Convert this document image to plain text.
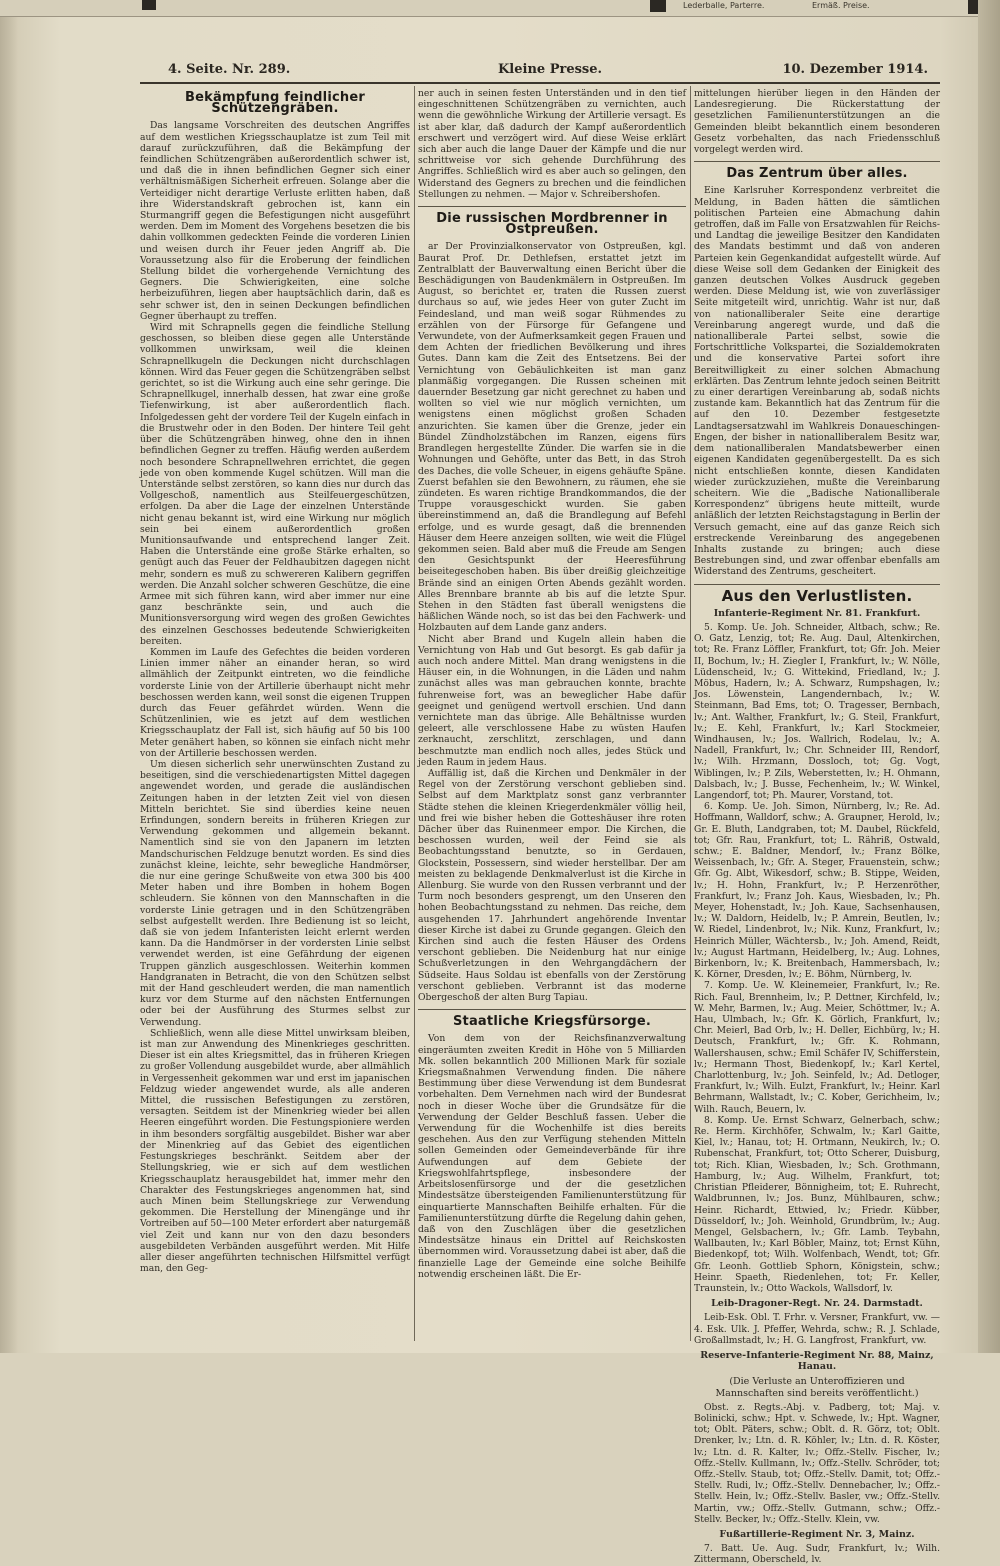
Lederballe, Parterre.	Ermäß. Preise.
4. Seite. Nr. 289.	Kleine Presse.	10. Dezember 1914.
Bekämpfung feindlicher Schützengräben.

Das langsame Vorschreiten des deutschen Angriffes auf dem westlichen Kriegsschauplatze ist zum Teil mit darauf zurückzuführen, daß die Bekämpfung der feindlichen Schützengräben außerordentlich schwer ist, und daß die in ihnen befindlichen Gegner sich einer verhältnismäßigen Sicherheit erfreuen. Solange aber die Verteidiger nicht derartige Verluste erlitten haben, daß ihre Widerstandskraft gebrochen ist, kann ein Sturmangriff gegen die Befestigungen nicht ausgeführt werden. Dem im Moment des Vorgehens besetzen die bis dahin vollkommen gedeckten Feinde die vorderen Linien und weisen durch ihr Feuer jeden Angriff ab. Die Voraussetzung also für die Eroberung der feindlichen Stellung bildet die vorhergehende Vernichtung des Gegners. Die Schwierigkeiten, eine solche herbeizuführen, liegen aber hauptsächlich darin, daß es sehr schwer ist, den in seinen Deckungen befindlichen Gegner überhaupt zu treffen.

Wird mit Schrapnells gegen die feindliche Stellung geschossen, so bleiben diese gegen alle Unterstände vollkommen unwirksam, weil die kleinen Schrapnellkugeln die Deckungen nicht durchschlagen können. Wird das Feuer gegen die Schützengräben selbst gerichtet, so ist die Wirkung auch eine sehr geringe. Die Schrapnellkugel, innerhalb dessen, hat zwar eine große Tiefenwirkung, ist aber außerordentlich flach. Infolgedessen geht der vordere Teil der Kugeln einfach in die Brustwehr oder in den Boden. Der hintere Teil geht über die Schützengräben hinweg, ohne den in ihnen befindlichen Gegner zu treffen. Häufig werden außerdem noch besondere Schrapnellwehren errichtet, die gegen jede von oben kommende Kugel schützen. Will man die Unterstände selbst zerstören, so kann dies nur durch das Vollgeschoß, namentlich aus Steilfeuergeschützen, erfolgen. Da aber die Lage der einzelnen Unterstände nicht genau bekannt ist, wird eine Wirkung nur möglich sein bei einem außerordentlich großen Munitionsaufwande und entsprechend langer Zeit. Haben die Unterstände eine große Stärke erhalten, so genügt auch das Feuer der Feldhaubitzen dagegen nicht mehr, sondern es muß zu schwereren Kalibern gegriffen werden. Die Anzahl solcher schweren Geschütze, die eine Armee mit sich führen kann, wird aber immer nur eine ganz beschränkte sein, und auch die Munitionsversorgung wird wegen des großen Gewichtes des einzelnen Geschosses bedeutende Schwierigkeiten bereiten.

Kommen im Laufe des Gefechtes die beiden vorderen Linien immer näher an einander heran, so wird allmählich der Zeitpunkt eintreten, wo die feindliche vorderste Linie von der Artillerie überhaupt nicht mehr beschossen werden kann, weil sonst die eigenen Truppen durch das Feuer gefährdet würden. Wenn die Schützenlinien, wie es jetzt auf dem westlichen Kriegsschauplatz der Fall ist, sich häufig auf 50 bis 100 Meter genähert haben, so können sie einfach nicht mehr von der Artillerie beschossen werden.

Um diesen sicherlich sehr unerwünschten Zustand zu beseitigen, sind die verschiedenartigsten Mittel dagegen angewendet worden, und gerade die ausländischen Zeitungen haben in der letzten Zeit viel von diesen Mitteln berichtet. Sie sind überdies keine neuen Erfindungen, sondern bereits in früheren Kriegen zur Verwendung gekommen und allgemein bekannt. Namentlich sind sie von den Japanern im letzten Mandschurischen Feldzuge benutzt worden. Es sind dies zunächst kleine, leichte, sehr bewegliche Handmörser, die nur eine geringe Schußweite von etwa 300 bis 400 Meter haben und ihre Bomben in hohem Bogen schleudern. Sie können von den Mannschaften in die vorderste Linie getragen und in den Schützengräben selbst aufgestellt werden. Ihre Bedienung ist so leicht, daß sie von jedem Infanteristen leicht erlernt werden kann. Da die Handmörser in der vordersten Linie selbst verwendet werden, ist eine Gefährdung der eigenen Truppen gänzlich ausgeschlossen. Weiterhin kommen Handgranaten in Betracht, die von den Schützen selbst mit der Hand geschleudert werden, die man namentlich kurz vor dem Sturme auf den nächsten Entfernungen oder bei der Ausführung des Sturmes selbst zur Verwendung.

Schließlich, wenn alle diese Mittel unwirksam bleiben, ist man zur Anwendung des Minenkrieges geschritten. Dieser ist ein altes Kriegsmittel, das in früheren Kriegen zu großer Vollendung ausgebildet wurde, aber allmählich in Vergessenheit gekommen war und erst im japanischen Feldzug wieder angewendet wurde, als alle anderen Mittel, die russischen Befestigungen zu zerstören, versagten. Seitdem ist der Minenkrieg wieder bei allen Heeren eingeführt worden. Die Festungspioniere werden in ihm besonders sorgfältig ausgebildet. Bisher war aber der Minenkrieg auf das Gebiet des eigentlichen Festungskrieges beschränkt. Seitdem aber der Stellungskrieg, wie er sich auf dem westlichen Kriegsschauplatz herausgebildet hat, immer mehr den Charakter des Festungskrieges angenommen hat, sind auch Minen beim Stellungskriege zur Verwendung gekommen. Die Herstellung der Minengänge und ihr Vortreiben auf 50—100 Meter erfordert aber naturgemäß viel Zeit und kann nur von den dazu besonders ausgebildeten Verbänden ausgeführt werden. Mit Hilfe aller dieser angeführten technischen Hilfsmittel verfügt man, den Geg-

ner auch in seinen festen Unterständen und in den tief eingeschnittenen Schützengräben zu vernichten, auch wenn die gewöhnliche Wirkung der Artillerie versagt. Es ist aber klar, daß dadurch der Kampf außerordentlich erschwert und verzögert wird. Auf diese Weise erklärt sich aber auch die lange Dauer der Kämpfe und die nur schrittweise vor sich gehende Durchführung des Angriffes. Schließlich wird es aber auch so gelingen, den Widerstand des Gegners zu brechen und die feindlichen Stellungen zu nehmen. — Major v. Schreibershofen.

Die russischen Mordbrenner in Ostpreußen.

ar Der Provinzialkonservator von Ostpreußen, kgl. Baurat Prof. Dr. Dethlefsen, erstattet jetzt im Zentralblatt der Bauverwaltung einen Bericht über die Beschädigungen von Baudenkmälern in Ostpreußen. Im August, so berichtet er, traten die Russen zuerst durchaus so auf, wie jedes Heer von guter Zucht im Feindesland, und man weiß sogar Rühmendes zu erzählen von der Fürsorge für Gefangene und Verwundete, von der Aufmerksamkeit gegen Frauen und dem Achten der friedlichen Bevölkerung und ihres Gutes. Dann kam die Zeit des Entsetzens. Bei der Vernichtung von Gebäulichkeiten ist man ganz planmäßig vorgegangen. Die Russen scheinen mit dauernder Besetzung gar nicht gerechnet zu haben und wollten so viel wie nur möglich vernichten, um wenigstens einen möglichst großen Schaden anzurichten. Sie kamen über die Grenze, jeder ein Bündel Zündholzstäbchen im Ranzen, eigens fürs Brandlegen hergestellte Zünder. Die warfen sie in die Wohnungen und Gehöfte, unter das Bett, in das Stroh des Daches, die volle Scheuer, in eigens gehäufte Späne. Zuerst befahlen sie den Bewohnern, zu räumen, ehe sie zündeten. Es waren richtige Brandkommandos, die der Truppe vorausgeschickt wurden. Sie gaben übereinstimmend an, daß die Brandlegung auf Befehl erfolge, und es wurde gesagt, daß die brennenden Häuser dem Heere anzeigen sollten, wie weit die Flügel gekommen seien. Bald aber muß die Freude am Sengen den Gesichtspunkt der Heeresführung beiseitegeschoben haben. Bis über dreißig gleichzeitige Brände sind an einigen Orten Abends gezählt worden. Alles Brennbare brannte ab bis auf die letzte Spur. Stehen in den Städten fast überall wenigstens die häßlichen Wände noch, so ist das bei den Fachwerk- und Holzbauten auf dem Lande ganz anders.

Nicht aber Brand und Kugeln allein haben die Vernichtung von Hab und Gut besorgt. Es gab dafür ja auch noch andere Mittel. Man drang wenigstens in die Häuser ein, in die Wohnungen, in die Läden und nahm zunächst alles was man gebrauchen konnte, brachte fuhrenweise fort, was an beweglicher Habe dafür geeignet und genügend wertvoll erschien. Und dann vernichtete man das übrige. Alle Behältnisse wurden geleert, alle verschlossene Habe zu wüsten Haufen zerknaucht, zerschlitzt, zerschlagen, und dann beschmutzte man endlich noch alles, jedes Stück und jeden Raum in jedem Haus.

Auffällig ist, daß die Kirchen und Denkmäler in der Regel von der Zerstörung verschont geblieben sind. Selbst auf dem Marktplatz sonst ganz verbrannter Städte stehen die kleinen Kriegerdenkmäler völlig heil, und frei wie bisher heben die Gotteshäuser ihre roten Dächer über das Ruinenmeer empor. Die Kirchen, die beschossen wurden, weil der Feind sie als Beobachtungsstand benutzte, so in Gerdauen, Glockstein, Possessern, sind wieder herstellbar. Der am meisten zu beklagende Denkmalverlust ist die Kirche in Allenburg. Sie wurde von den Russen verbrannt und der Turm noch besonders gesprengt, um den Unseren den hohen Beobachtungsstand zu nehmen. Das reiche, dem ausgehenden 17. Jahrhundert angehörende Inventar dieser Kirche ist dabei zu Grunde gegangen. Gleich den Kirchen sind auch die festen Häuser des Ordens verschont geblieben. Die Neidenburg hat nur einige Schußverletzungen in den Wehrgangdächern der Südseite. Haus Soldau ist ebenfalls von der Zerstörung verschont geblieben. Verbrannt ist das moderne Obergeschoß der alten Burg Tapiau.

Staatliche Kriegsfürsorge.

Von dem von der Reichsfinanzverwaltung eingeräumten zweiten Kredit in Höhe von 5 Milliarden Mk. sollen bekanntlich 200 Millionen Mark für soziale Kriegsmaßnahmen Verwendung finden. Die nähere Bestimmung über diese Verwendung ist dem Bundesrat vorbehalten. Dem Vernehmen nach wird der Bundesrat noch in dieser Woche über die Grundsätze für die Verwendung der Gelder Beschluß fassen. Ueber die Verwendung für die Wochenhilfe ist dies bereits geschehen. Aus den zur Verfügung stehenden Mitteln sollen Gemeinden oder Gemeindeverbände für ihre Aufwendungen auf dem Gebiete der Kriegswohlfahrtspflege, insbesondere der Arbeitslosenfürsorge und der die gesetzlichen Mindestsätze übersteigenden Familienunterstützung für einquartierte Mannschaften Beihilfe erhalten. Für die Familienunterstützung dürfte die Regelung dahin gehen, daß von den Zuschlägen über die gesetzlichen Mindestsätze hinaus ein Drittel auf Reichskosten übernommen wird. Voraussetzung dabei ist aber, daß die finanzielle Lage der Gemeinde eine solche Beihilfe notwendig erscheinen läßt. Die Er-

mittelungen hierüber liegen in den Händen der Landesregierung. Die Rückerstattung der gesetzlichen Familienunterstützungen an die Gemeinden bleibt bekanntlich einem besonderen Gesetz vorbehalten, das nach Friedensschluß vorgelegt werden wird.

Das Zentrum über alles.

Eine Karlsruher Korrespondenz verbreitet die Meldung, in Baden hätten die sämtlichen politischen Parteien eine Abmachung dahin getroffen, daß im Falle von Ersatzwahlen für Reichs- und Landtag die jeweilige Besitzer den Kandidaten des Mandats bestimmt und daß von anderen Parteien kein Gegenkandidat aufgestellt würde. Auf diese Weise soll dem Gedanken der Einigkeit des ganzen deutschen Volkes Ausdruck gegeben werden. Diese Meldung ist, wie von zuverlässiger Seite mitgeteilt wird, unrichtig. Wahr ist nur, daß von nationalliberaler Seite eine derartige Vereinbarung angeregt wurde, und daß die nationalliberale Partei selbst, sowie die Fortschrittliche Volkspartei, die Sozialdemokraten und die konservative Partei sofort ihre Bereitwilligkeit zu einer solchen Abmachung erklärten. Das Zentrum lehnte jedoch seinen Beitritt zu einer derartigen Vereinbarung ab, sodaß nichts zustande kam. Bekanntlich hat das Zentrum für die auf den 10. Dezember festgesetzte Landtagsersatzwahl im Wahlkreis Donaueschingen-Engen, der bisher in nationalliberalem Besitz war, dem nationalliberalen Mandatsbewerber einen eigenen Kandidaten gegenübergestellt. Da es sich nicht entschließen konnte, diesen Kandidaten wieder zurückzuziehen, mußte die Vereinbarung scheitern. Wie die „Badische Nationalliberale Korrespondenz“ übrigens heute mitteilt, wurde anläßlich der letzten Reichstagstagung in Berlin der Versuch gemacht, eine auf das ganze Reich sich erstreckende Vereinbarung des angegebenen Inhalts zustande zu bringen; auch diese Bestrebungen sind, und zwar offenbar ebenfalls am Widerstand des Zentrums, gescheitert.

Aus den Verlustlisten.
Infanterie-Regiment Nr. 81. Frankfurt.

5. Komp. Ue. Joh. Schneider, Altbach, schw.; Re. O. Gatz, Lenzig, tot; Re. Aug. Daul, Altenkirchen, tot; Re. Franz Löffler, Frankfurt, tot; Gfr. Joh. Meier II, Bochum, lv.; H. Ziegler I, Frankfurt, lv.; W. Nölle, Lüdenscheid, lv.; G. Wittekind, Friedland, lv.; J. Möbus, Hadern, lv.; A. Schwarz, Rumpshagen, lv.; Jos. Löwenstein, Langendernbach, lv.; W. Steinmann, Bad Ems, tot; O. Tragesser, Bernbach, lv.; Ant. Walther, Frankfurt, lv.; G. Steil, Frankfurt, lv.; E. Kehl, Frankfurt, lv.; Karl Stockmeier, Windhausen, lv.; Jos. Wallrich, Rodelau, lv.; A. Nadell, Frankfurt, lv.; Chr. Schneider III, Rendorf, lv.; Wilh. Hrzmann, Dossloch, tot; Gg. Vogt, Wiblingen, lv.; P. Zils, Weberstetten, lv.; H. Ohmann, Dalsbach, lv.; J. Busse, Fechenheim, lv.; W. Winkel, Langendorf, tot; Ph. Maurer, Vorstand, tot.

6. Komp. Ue. Joh. Simon, Nürnberg, lv.; Re. Ad. Hoffmann, Walldorf, schw.; A. Graupner, Herold, lv.; Gr. E. Bluth, Landgraben, tot; M. Daubel, Rückfeld, tot; Gfr. Rau, Frankfurt, tot; L. Rähriß, Ostwald, schw.; E. Baldner, Mendorf, lv.; Franz Bölke, Weissenbach, lv.; Gfr. A. Steger, Frauenstein, schw.; Gfr. Gg. Albt, Wikesdorf, schw.; B. Stippe, Weiden, lv.; H. Hohn, Frankfurt, lv.; P. Herzenröther, Frankfurt, lv.; Franz Joh. Kaus, Wiesbaden, lv.; Ph. Meyer, Hohenstadt, lv.; Joh. Kaue, Sachsenhausen, lv.; W. Daldorn, Heidelb, lv.; P. Amrein, Beutlen, lv.; W. Riedel, Lindenbrot, lv.; Nik. Kunz, Frankfurt, lv.; Heinrich Müller, Wächtersb., lv.; Joh. Amend, Reidt, lv.; August Hartmann, Heidelberg, lv.; Aug. Lohnes, Birkenborn, lv.; K. Breitenbach, Hammersbach, lv.; K. Körner, Dresden, lv.; E. Böhm, Nürnberg, lv.

7. Komp. Ue. W. Kleinemeier, Frankfurt, lv.; Re. Rich. Faul, Brennheim, lv.; P. Dettner, Kirchfeld, lv.; W. Mehr, Barmen, lv.; Aug. Meier, Schöttmer, lv.; A. Hau, Ulmbach, lv.; Gfr. K. Görlich, Frankfurt, lv.; Chr. Meierl, Bad Orb, lv.; H. Deller, Eichbürg, lv.; H. Deutsch, Frankfurt, lv.; Gfr. K. Rohmann, Wallershausen, schw.; Emil Schäfer IV, Schifferstein, lv.; Hermann Thost, Biedenkopf, lv.; Karl Kertel, Charlottenburg, lv.; Joh. Seinfeld, lv.; Ad. Detloger, Frankfurt, lv.; Wilh. Eulzt, Frankfurt, lv.; Heinr. Karl Behrmann, Wallstadt, lv.; C. Kober, Gerichheim, lv.; Wilh. Rauch, Beuern, lv.

8. Komp. Ue. Ernst Schwarz, Gelnerbach, schw.; Re. Herm. Kirchhöfer, Schwalm, lv.; Karl Gaitte, Kiel, lv.; Hanau, tot; H. Ortmann, Neukirch, lv.; O. Rubenschat, Frankfurt, tot; Otto Scherer, Duisburg, tot; Rich. Klian, Wiesbaden, lv.; Sch. Grothmann, Hamburg, lv.; Aug. Wilhelm, Frankfurt, tot; Christian Pfleiderer, Bönnigheim, tot; E. Ruhrecht, Waldbrunnen, lv.; Jos. Bunz, Mühlbauren, schw.; Heinr. Richardt, Ettwied, lv.; Friedr. Kübber, Düsseldorf, lv.; Joh. Weinhold, Grundbrüm, lv.; Aug. Mengel, Gelsbachern, lv.; Gfr. Lamb. Teybahn, Wallbauten, lv.; Karl Böbler, Mainz, tot; Ernst Kühn, Biedenkopf, tot; Wilh. Wolfenbach, Wendt, tot; Gfr. Gfr. Leonh. Gottlieb Sphorn, Königstein, schw.; Heinr. Spaeth, Riedenlehen, tot; Fr. Keller, Traunstein, lv.; Otto Wackols, Wallsdorf, lv.

Leib-Dragoner-Regt. Nr. 24. Darmstadt.

Leib-Esk. Obl. T. Frhr. v. Versner, Frankfurt, vw. — 4. Esk. Ulk. J. Pfeffer, Wehrda, schw.; R. J. Schlade, Großallmstadt, lv.; H. G. Langfrost, Frankfurt, vw.

Reserve-Infanterie-Regiment Nr. 88, Mainz, Hanau.
(Die Verluste an Unteroffizieren und Mannschaften sind bereits veröffentlicht.)

Obst. z. Regts.-Abj. v. Padberg, tot; Maj. v. Bolinicki, schw.; Hpt. v. Schwede, lv.; Hpt. Wagner, tot; Oblt. Päters, schw.; Oblt. d. R. Görz, tot; Oblt. Drenker, lv.; Ltn. d. R. Köhler, lv.; Ltn. d. R. Köster, lv.; Ltn. d. R. Kalter, lv.; Offz.-Stellv. Fischer, lv.; Offz.-Stellv. Kullmann, lv.; Offz.-Stellv. Schröder, tot; Offz.-Stellv. Staub, tot; Offz.-Stellv. Damit, tot; Offz.-Stellv. Rudi, lv.; Offz.-Stellv. Dennebacher, lv.; Offz.-Stellv. Hein, lv.; Offz.-Stellv. Basler, vw.; Offz.-Stellv. Martin, vw.; Offz.-Stellv. Gutmann, schw.; Offz.-Stellv. Becker, lv.; Offz.-Stellv. Klein, vw.

Fußartillerie-Regiment Nr. 3, Mainz.

7. Batt. Ue. Aug. Sudr, Frankfurt, lv.; Wilh. Zittermann, Oberscheld, lv.
